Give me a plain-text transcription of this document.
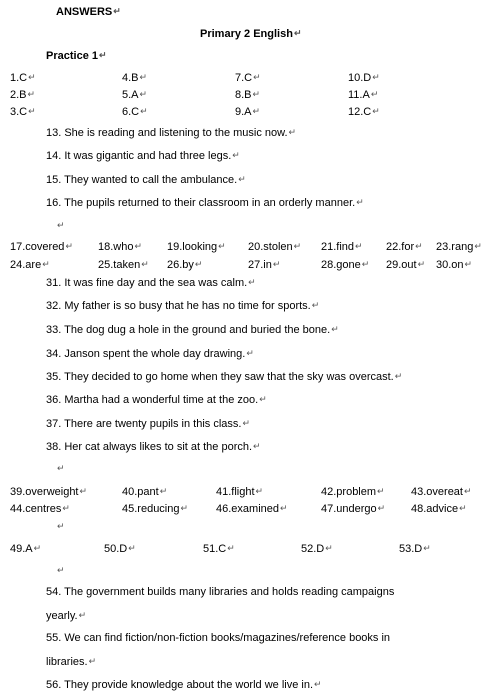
ANSWERS↵
Primary 2 English↵
Practice 1↵
1.C↵	4.B↵	7.C↵	10.D↵
2.B↵	5.A↵	8.B↵	11.A↵
3.C↵	6.C↵	9.A↵	12.C↵
13. She is reading and listening to the music now.↵
14. It was gigantic and had three legs.↵
15. They wanted to call the ambulance.↵
16. The pupils returned to their classroom in an orderly manner.↵
↵
17.covered↵ 18.who↵ 19.looking↵ 20.stolen↵ 21.find↵ 22.for↵ 23.rang↵
24.are↵	25.taken↵ 26.by↵	27.in↵	28.gone↵ 29.out↵ 30.on↵
31. It was fine day and the sea was calm.↵
32. My father is so busy that he has no time for sports.↵
33. The dog dug a hole in the ground and buried the bone.↵
34. Janson spent the whole day drawing.↵
35. They decided to go home when they saw that the sky was overcast.↵
36. Martha had a wonderful time at the zoo.↵
37. There are twenty pupils in this class.↵
38. Her cat always likes to sit at the porch.↵
↵
39.overweight↵	40.pant↵	41.flight↵	42.problem↵ 43.overeat↵
44.centres↵	45.reducing↵	46.examined↵	47.undergo↵ 48.advice↵
↵
49.A↵	50.D↵	51.C↵	52.D↵	53.D↵
↵
54. The government builds many libraries and holds reading campaigns
yearly.↵
55. We can find fiction/non-fiction books/magazines/reference books in
libraries.↵
56. They provide knowledge about the world we live in.↵
